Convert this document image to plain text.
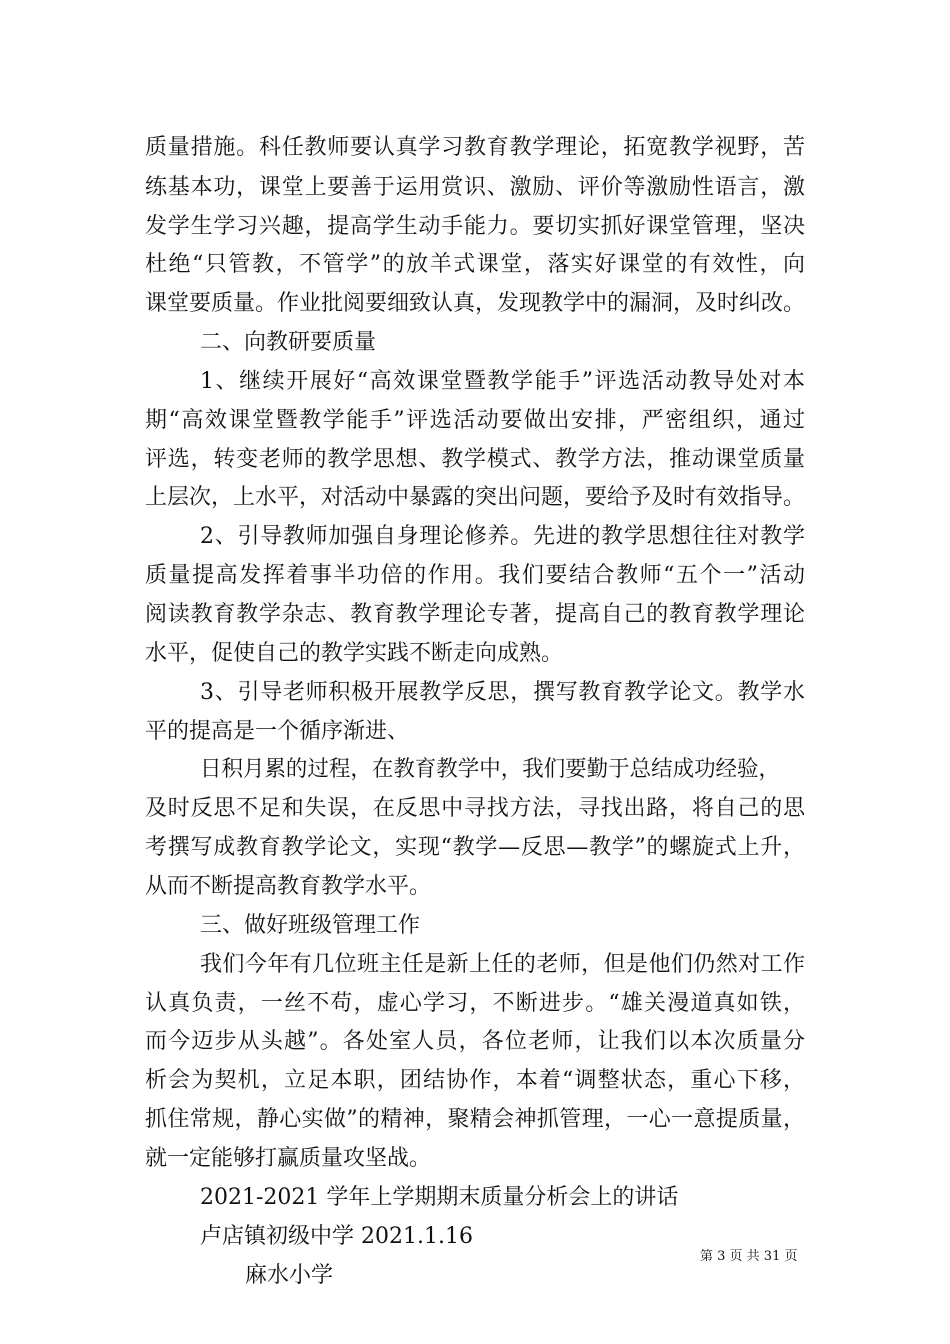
质量措施。科任教师要认真学习教育教学理论，拓宽教学视野，苦
练基本功，课堂上要善于运用赏识、激励、评价等激励性语言，激
发学生学习兴趣，提高学生动手能力。要切实抓好课堂管理，坚决
杜绝“只管教，不管学”的放羊式课堂，落实好课堂的有效性，向
课堂要质量。作业批阅要细致认真，发现教学中的漏洞，及时纠改。
二、向教研要质量
1、继续开展好“高效课堂暨教学能手”评选活动教导处对本
期“高效课堂暨教学能手”评选活动要做出安排，严密组织，通过
评选，转变老师的教学思想、教学模式、教学方法，推动课堂质量
上层次，上水平，对活动中暴露的突出问题，要给予及时有效指导。
2、引导教师加强自身理论修养。先进的教学思想往往对教学
质量提高发挥着事半功倍的作用。我们要结合教师“五个一”活动
阅读教育教学杂志、教育教学理论专著，提高自己的教育教学理论
水平，促使自己的教学实践不断走向成熟。
3、引导老师积极开展教学反思，撰写教育教学论文。教学水
平的提高是一个循序渐进、
日积月累的过程，在教育教学中，我们要勤于总结成功经验，
及时反思不足和失误，在反思中寻找方法，寻找出路，将自己的思
考撰写成教育教学论文，实现“教学—反思—教学”的螺旋式上升，
从而不断提高教育教学水平。
三、做好班级管理工作
我们今年有几位班主任是新上任的老师，但是他们仍然对工作
认真负责，一丝不苟，虚心学习，不断进步。“雄关漫道真如铁，
而今迈步从头越”。各处室人员，各位老师，让我们以本次质量分
析会为契机，立足本职，团结协作，本着“调整状态，重心下移，
抓住常规，静心实做”的精神，聚精会神抓管理，一心一意提质量，
就一定能够打赢质量攻坚战。
2021-2021 学年上学期期末质量分析会上的讲话
卢店镇初级中学 2021.1.16
麻水小学
第 3 页 共 31 页
